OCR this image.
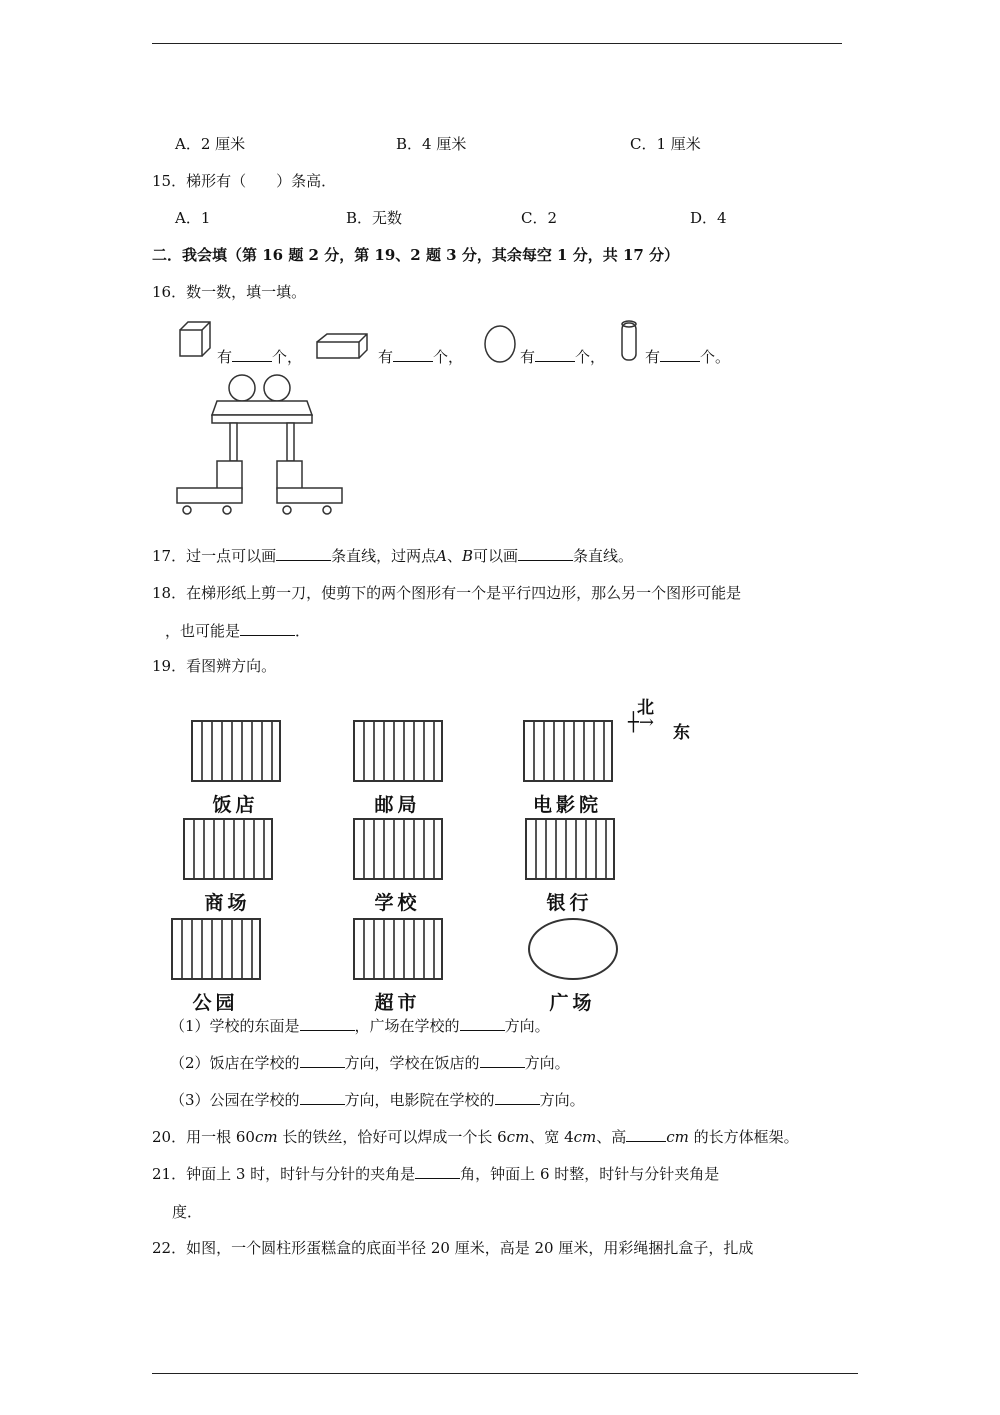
A．2 厘米	B．4 厘米	C．1 厘米
15．梯形有（　　）条高．
A．1	B．无数	C．2	D．4
二．我会填（第 16 题 2 分，第 19、2 题 3 分，其余每空 1 分，共 17 分）
16．数一数，填一填。
有	个，	有	个，	有	个，	有	个。
17．过一点可以画	条直线，过两点A、B可以画	条直线。
18．在梯形纸上剪一刀，使剪下的两个图形有一个是平行四边形，那么另一个图形可能是
，也可能是	．
19．看图辨方向。
北
┼→ 东
饭店	邮局	电影院
商场	学校	银行
公园	超市	广场
（1）学校的东面是	，广场在学校的	方向。
（2）饭店在学校的	方向，学校在饭店的	方向。
（3）公园在学校的	方向，电影院在学校的	方向。
20．用一根 60cm 长的铁丝，恰好可以焊成一个长 6cm、宽 4cm、高	cm 的长方体框架。
21．钟面上 3 时，时针与分针的夹角是	角，钟面上 6 时整，时针与分针夹角是
度．
22．如图，一个圆柱形蛋糕盒的底面半径 20 厘米，高是 20 厘米，用彩绳捆扎盒子，扎成
